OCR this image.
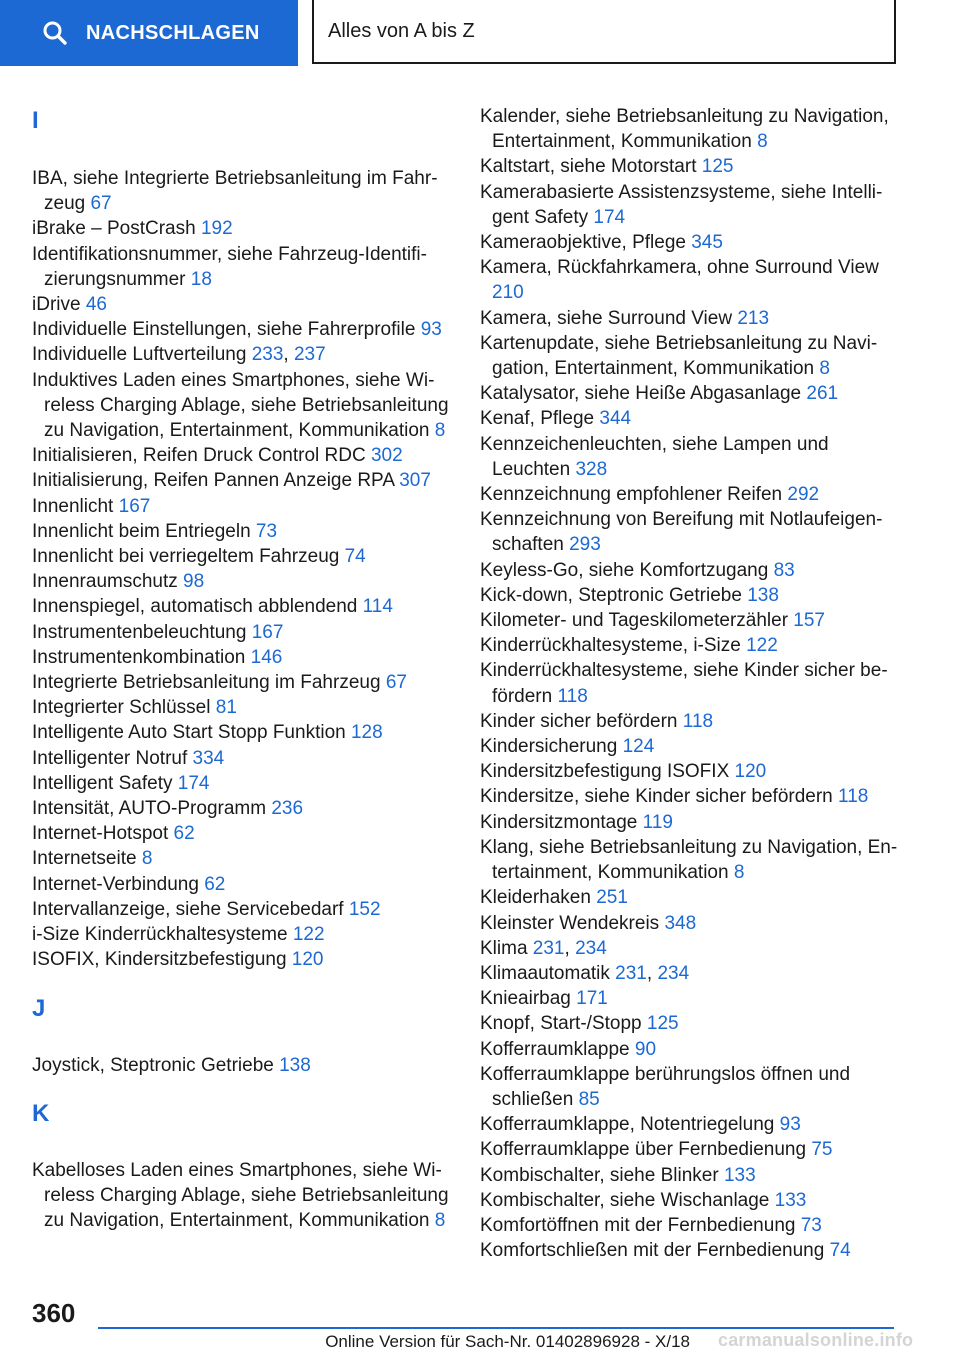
NACHSCHLAGEN	Alles von A bis Z
I
IBA, siehe Integrierte Betriebsanleitung im Fahrzeug 67
iBrake – PostCrash 192
Identifikationsnummer, siehe Fahrzeug-Identifizierungsnummer 18
iDrive 46
Individuelle Einstellungen, siehe Fahrerprofile 93
Individuelle Luftverteilung 233, 237
Induktives Laden eines Smartphones, siehe Wireless Charging Ablage, siehe Betriebsanleitung zu Navigation, Entertainment, Kommunikation 8
Initialisieren, Reifen Druck Control RDC 302
Initialisierung, Reifen Pannen Anzeige RPA 307
Innenlicht 167
Innenlicht beim Entriegeln 73
Innenlicht bei verriegeltem Fahrzeug 74
Innenraumschutz 98
Innenspiegel, automatisch abblendend 114
Instrumentenbeleuchtung 167
Instrumentenkombination 146
Integrierte Betriebsanleitung im Fahrzeug 67
Integrierter Schlüssel 81
Intelligente Auto Start Stopp Funktion 128
Intelligenter Notruf 334
Intelligent Safety 174
Intensität, AUTO-Programm 236
Internet-Hotspot 62
Internetseite 8
Internet-Verbindung 62
Intervallanzeige, siehe Servicebedarf 152
i-Size Kinderrückhaltesysteme 122
ISOFIX, Kindersitzbefestigung 120
J
Joystick, Steptronic Getriebe 138
K
Kabelloses Laden eines Smartphones, siehe Wireless Charging Ablage, siehe Betriebsanleitung zu Navigation, Entertainment, Kommunikation 8
Kalender, siehe Betriebsanleitung zu Navigation, Entertainment, Kommunikation 8
Kaltstart, siehe Motorstart 125
Kamerabasierte Assistenzsysteme, siehe Intelligent Safety 174
Kameraobjektive, Pflege 345
Kamera, Rückfahrkamera, ohne Surround View 210
Kamera, siehe Surround View 213
Kartenupdate, siehe Betriebsanleitung zu Navigation, Entertainment, Kommunikation 8
Katalysator, siehe Heiße Abgasanlage 261
Kenaf, Pflege 344
Kennzeichenleuchten, siehe Lampen und Leuchten 328
Kennzeichnung empfohlener Reifen 292
Kennzeichnung von Bereifung mit Notlaufeigenschaften 293
Keyless-Go, siehe Komfortzugang 83
Kick-down, Steptronic Getriebe 138
Kilometer- und Tageskilometerzähler 157
Kinderrückhaltesysteme, i-Size 122
Kinderrückhaltesysteme, siehe Kinder sicher befördern 118
Kinder sicher befördern 118
Kindersicherung 124
Kindersitzbefestigung ISOFIX 120
Kindersitze, siehe Kinder sicher befördern 118
Kindersitzmontage 119
Klang, siehe Betriebsanleitung zu Navigation, Entertainment, Kommunikation 8
Kleiderhaken 251
Kleinster Wendekreis 348
Klima 231, 234
Klimaautomatik 231, 234
Knieairbag 171
Knopf, Start-/Stopp 125
Kofferraumklappe 90
Kofferraumklappe berührungslos öffnen und schließen 85
Kofferraumklappe, Notentriegelung 93
Kofferraumklappe über Fernbedienung 75
Kombischalter, siehe Blinker 133
Kombischalter, siehe Wischanlage 133
Komfortöffnen mit der Fernbedienung 73
Komfortschließen mit der Fernbedienung 74
360
Online Version für Sach-Nr. 01402896928 - X/18 carmanualsonline.info
